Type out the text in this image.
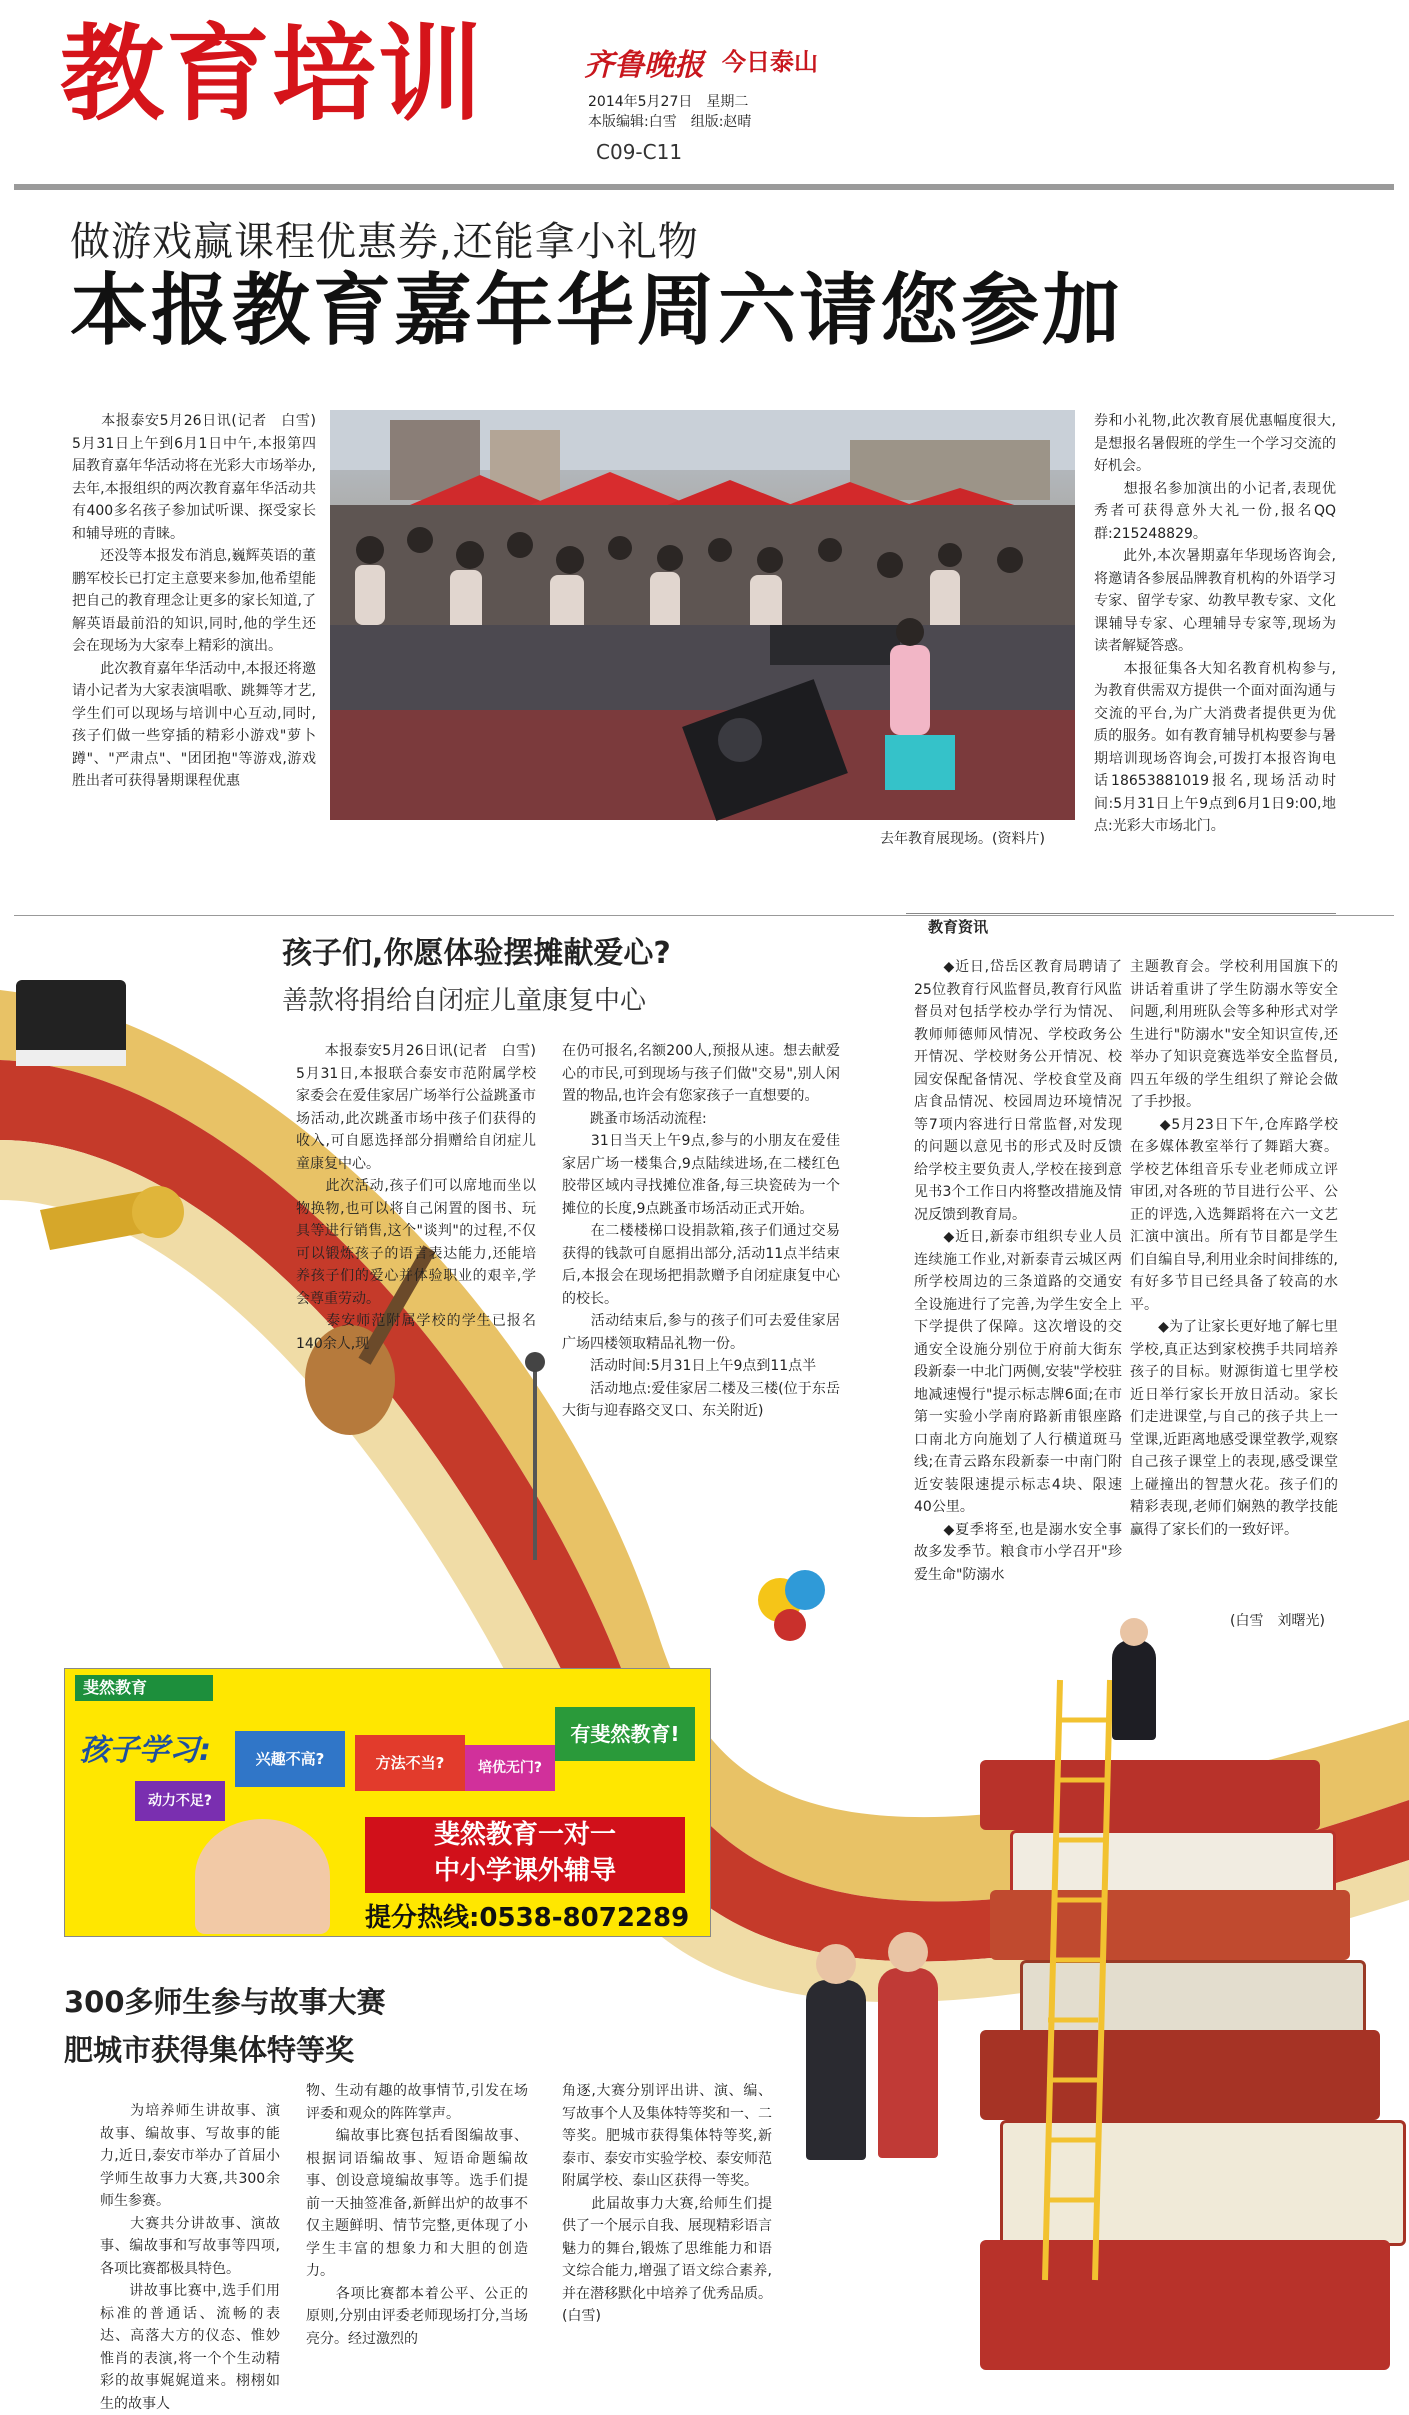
教育培训	齐鲁晚报 今日泰山
2014年5月27日　星期二
本版编辑:白雪　组版:赵晴
C09-C11
做游戏赢课程优惠券,还能拿小礼物
本报教育嘉年华周六请您参加
　　本报泰安5月26日讯(记者　白雪)　5月31日上午到6月1日中午,本报第四届教育嘉年华活动将在光彩大市场举办,去年,本报组织的两次教育嘉年华活动共有400多名孩子参加试听课、探受家长和辅导班的青睐。
　　还没等本报发布消息,巍辉英语的董鹏军校长已打定主意要来参加,他希望能把自己的教育理念让更多的家长知道,了解英语最前沿的知识,同时,他的学生还会在现场为大家奉上精彩的演出。
　　此次教育嘉年华活动中,本报还将邀请小记者为大家表演唱歌、跳舞等才艺,学生们可以现场与培训中心互动,同时,孩子们做一些穿插的精彩小游戏"萝卜蹲"、"严肃点"、"团团抱"等游戏,游戏胜出者可获得暑期课程优惠
去年教育展现场。(资料片)
券和小礼物,此次教育展优惠幅度很大,是想报名暑假班的学生一个学习交流的好机会。
　　想报名参加演出的小记者,表现优秀者可获得意外大礼一份,报名QQ群:215248829。
　　此外,本次暑期嘉年华现场咨询会,将邀请各参展品牌教育机构的外语学习专家、留学专家、幼教早教专家、文化课辅导专家、心理辅导专家等,现场为读者解疑答惑。
　　本报征集各大知名教育机构参与,为教育供需双方提供一个面对面沟通与交流的平台,为广大消费者提供更为优质的服务。如有教育辅导机构要参与暑期培训现场咨询会,可拨打本报咨询电话18653881019报名,现场活动时间:5月31日上午9点到6月1日9:00,地点:光彩大市场北门。
孩子们,你愿体验摆摊献爱心?
善款将捐给自闭症儿童康复中心
　　本报泰安5月26日讯(记者　白雪)　5月31日,本报联合泰安市范附属学校家委会在爱佳家居广场举行公益跳蚤市场活动,此次跳蚤市场中孩子们获得的收入,可自愿选择部分捐赠给自闭症儿童康复中心。
　　此次活动,孩子们可以席地而坐以物换物,也可以将自己闲置的图书、玩具等进行销售,这个"谈判"的过程,不仅可以锻炼孩子的语言表达能力,还能培养孩子们的爱心并体验职业的艰辛,学会尊重劳动。
　　泰安师范附属学校的学生已报名140余人,现
在仍可报名,名额200人,预报从速。想去献爱心的市民,可到现场与孩子们做"交易",别人闲置的物品,也许会有您家孩子一直想要的。
　　跳蚤市场活动流程:
　　31日当天上午9点,参与的小朋友在爱佳家居广场一楼集合,9点陆续进场,在二楼红色胶带区域内寻找摊位准备,每三块瓷砖为一个摊位的长度,9点跳蚤市场活动正式开始。
　　在二楼楼梯口设捐款箱,孩子们通过交易获得的钱款可自愿捐出部分,活动11点半结束后,本报会在现场把捐款赠予自闭症康复中心的校长。
　　活动结束后,参与的孩子们可去爱佳家居广场四楼领取精品礼物一份。
　　活动时间:5月31日上午9点到11点半
　　活动地点:爱佳家居二楼及三楼(位于东岳大街与迎春路交叉口、东关附近)
教育资讯
　　◆近日,岱岳区教育局聘请了25位教育行风监督员,教育行风监督员对包括学校办学行为情况、教师师德师风情况、学校政务公开情况、学校财务公开情况、校园安保配备情况、学校食堂及商店食品情况、校园周边环境情况等7项内容进行日常监督,对发现的问题以意见书的形式及时反馈给学校主要负责人,学校在接到意见书3个工作日内将整改措施及情况反馈到教育局。
　　◆近日,新泰市组织专业人员连续施工作业,对新泰青云城区两所学校周边的三条道路的交通安全设施进行了完善,为学生安全上下学提供了保障。这次增设的交通安全设施分别位于府前大街东段新泰一中北门两侧,安装"学校驻地减速慢行"提示标志牌6面;在市第一实验小学南府路新甫银座路口南北方向施划了人行横道斑马线;在青云路东段新泰一中南门附近安装限速提示标志4块、限速40公里。
　　◆夏季将至,也是溺水安全事故多发季节。粮食市小学召开"珍爱生命"防溺水
主题教育会。学校利用国旗下的讲话着重讲了学生防溺水等安全问题,利用班队会等多种形式对学生进行"防溺水"安全知识宣传,还举办了知识竞赛选举安全监督员,四五年级的学生组织了辩论会做了手抄报。
　　◆5月23日下午,仓库路学校在多媒体教室举行了舞蹈大赛。学校艺体组音乐专业老师成立评审团,对各班的节目进行公平、公正的评选,入选舞蹈将在六一文艺汇演中演出。所有节目都是学生们自编自导,利用业余时间排练的,有好多节目已经具备了较高的水平。
　　◆为了让家长更好地了解七里学校,真正达到家校携手共同培养孩子的目标。财源街道七里学校近日举行家长开放日活动。家长们走进课堂,与自己的孩子共上一堂课,近距离地感受课堂教学,观察自己孩子课堂上的表现,感受课堂上碰撞出的智慧火花。孩子们的精彩表现,老师们娴熟的教学技能赢得了家长们的一致好评。
(白雪　刘曙光)
斐然教育
孩子学习:	兴趣不高?	方法不当?
动力不足?
培优无门?
有斐然教育!
斐然教育一对一
中小学课外辅导
提分热线:0538-8072289
300多师生参与故事大赛
肥城市获得集体特等奖
　　为培养师生讲故事、演故事、编故事、写故事的能力,近日,泰安市举办了首届小学师生故事力大赛,共300余师生参赛。
　　大赛共分讲故事、演故事、编故事和写故事等四项,各项比赛都极具特色。
　　讲故事比赛中,选手们用标准的普通话、流畅的表达、高落大方的仪态、惟妙惟肖的表演,将一个个生动精彩的故事娓娓道来。栩栩如生的故事人
物、生动有趣的故事情节,引发在场评委和观众的阵阵掌声。
　　编故事比赛包括看图编故事、根据词语编故事、短语命题编故事、创设意境编故事等。选手们提前一天抽签准备,新鲜出炉的故事不仅主题鲜明、情节完整,更体现了小学生丰富的想象力和大胆的创造力。
　　各项比赛都本着公平、公正的原则,分别由评委老师现场打分,当场亮分。经过激烈的
角逐,大赛分别评出讲、演、编、写故事个人及集体特等奖和一、二等奖。肥城市获得集体特等奖,新泰市、泰安市实验学校、泰安师范附属学校、泰山区获得一等奖。
　　此届故事力大赛,给师生们提供了一个展示自我、展现精彩语言魅力的舞台,锻炼了思维能力和语文综合能力,增强了语文综合素养,并在潜移默化中培养了优秀品质。(白雪)
